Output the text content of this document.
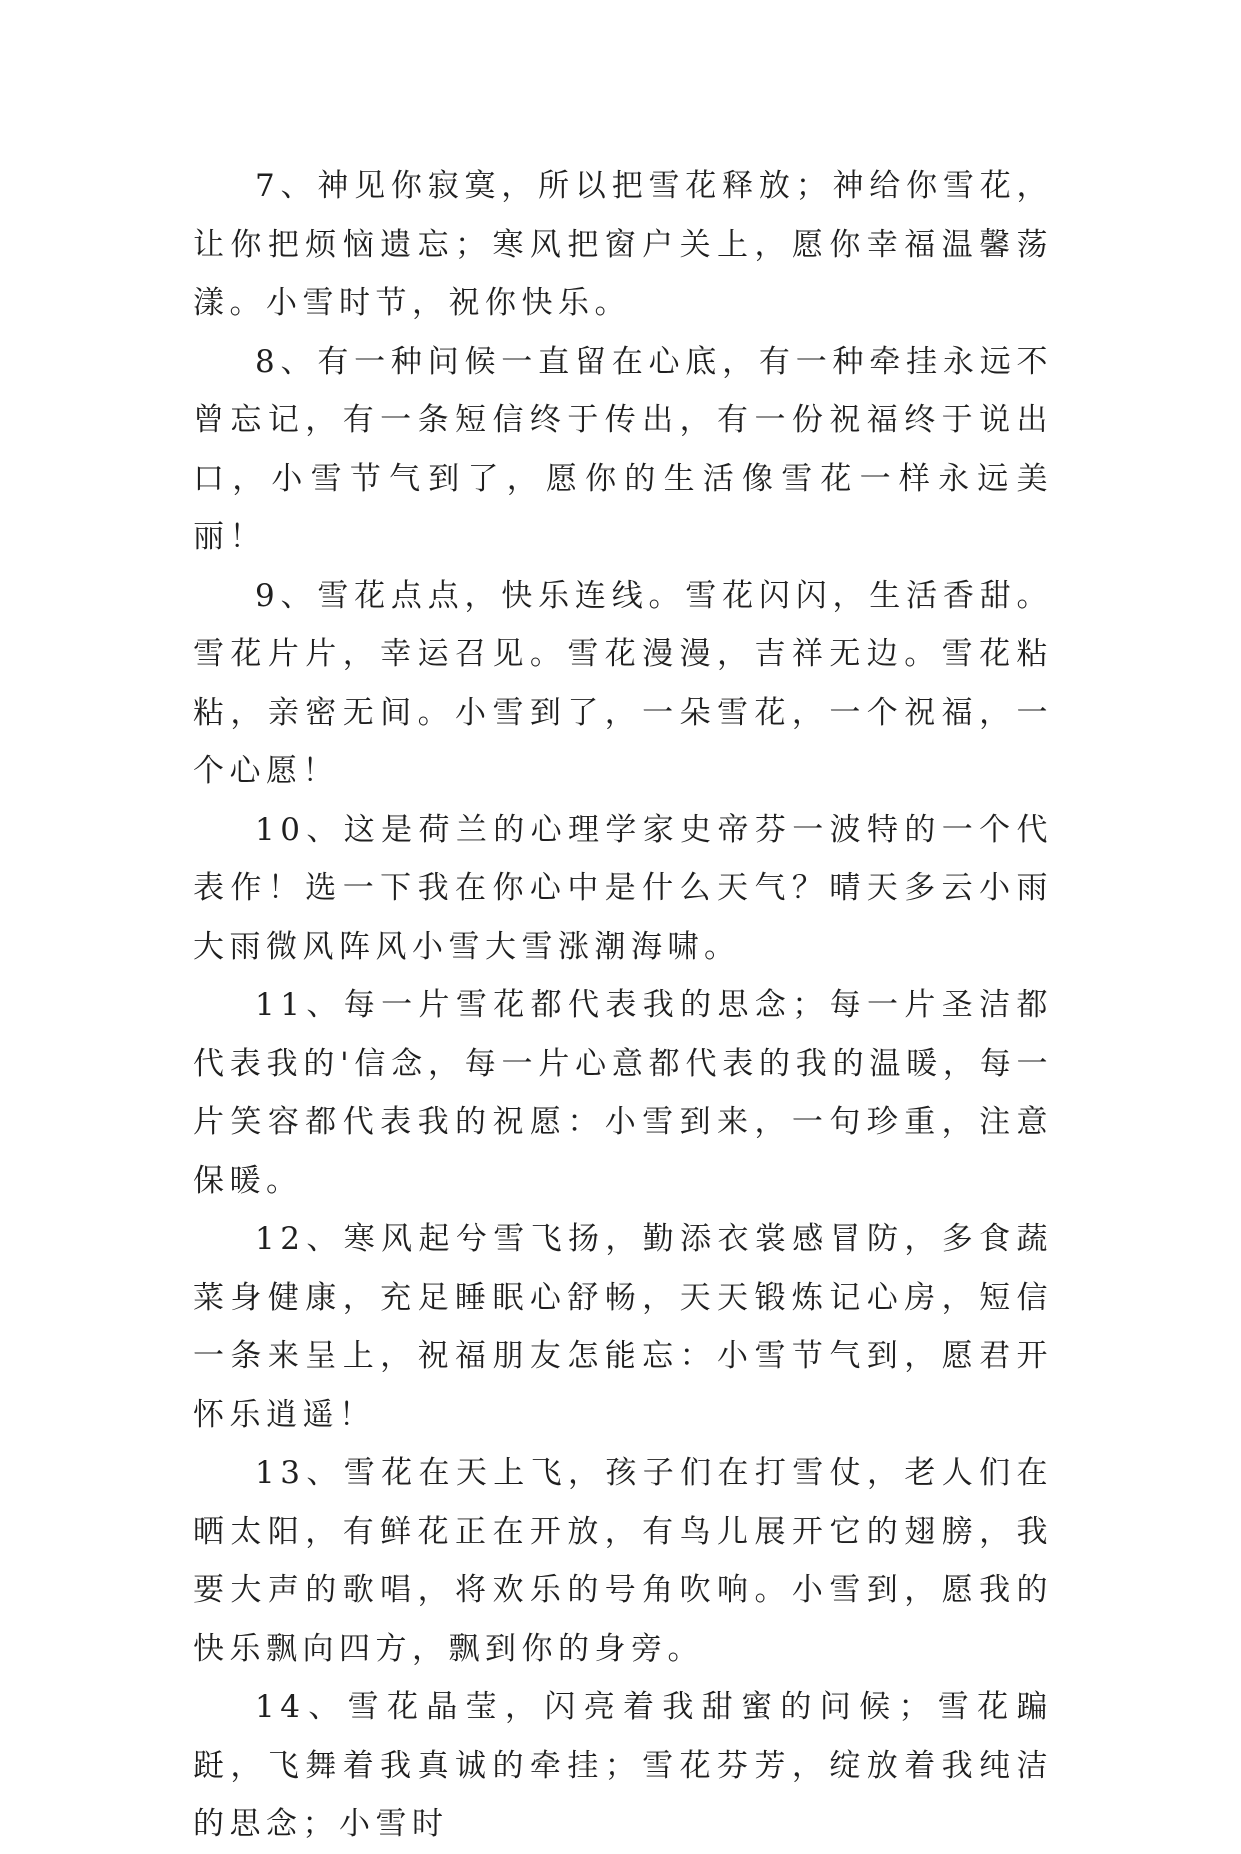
7、神见你寂寞，所以把雪花释放；神给你雪花，让你把烦恼遗忘；寒风把窗户关上，愿你幸福温馨荡漾。小雪时节，祝你快乐。

8、有一种问候一直留在心底，有一种牵挂永远不曾忘记，有一条短信终于传出，有一份祝福终于说出口，小雪节气到了，愿你的生活像雪花一样永远美丽！

9、雪花点点，快乐连线。雪花闪闪，生活香甜。雪花片片，幸运召见。雪花漫漫，吉祥无边。雪花粘粘，亲密无间。小雪到了，一朵雪花，一个祝福，一个心愿！

10、这是荷兰的心理学家史帝芬一波特的一个代表作！选一下我在你心中是什么天气？晴天多云小雨大雨微风阵风小雪大雪涨潮海啸。

11、每一片雪花都代表我的思念；每一片圣洁都代表我的'信念，每一片心意都代表的我的温暖，每一片笑容都代表我的祝愿：小雪到来，一句珍重，注意保暖。

12、寒风起兮雪飞扬，勤添衣裳感冒防，多食蔬菜身健康，充足睡眠心舒畅，天天锻炼记心房，短信一条来呈上，祝福朋友怎能忘：小雪节气到，愿君开怀乐逍遥！

13、雪花在天上飞，孩子们在打雪仗，老人们在晒太阳，有鲜花正在开放，有鸟儿展开它的翅膀，我要大声的歌唱，将欢乐的号角吹响。小雪到，愿我的快乐飘向四方，飘到你的身旁。

14、雪花晶莹，闪亮着我甜蜜的问候；雪花蹁跹，飞舞着我真诚的牵挂；雪花芬芳，绽放着我纯洁的思念；小雪时
